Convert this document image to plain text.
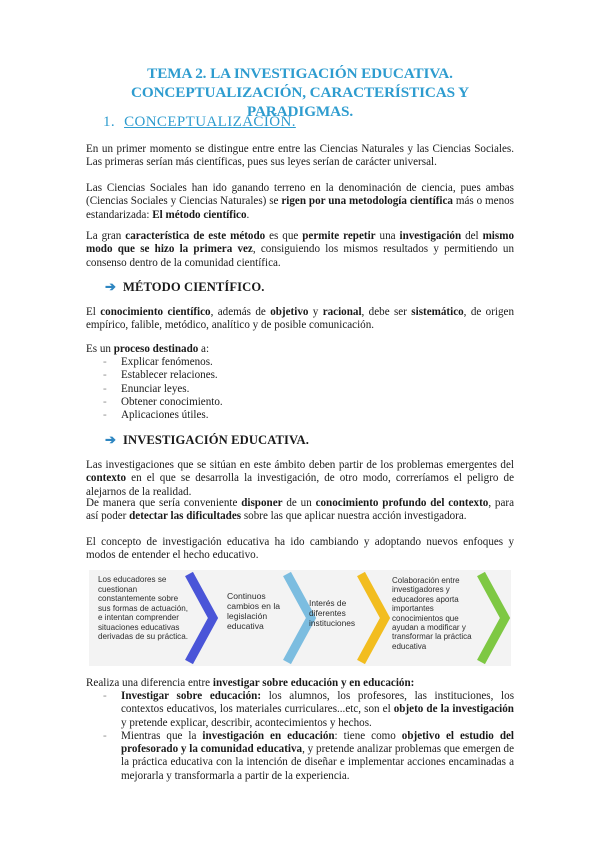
TEMA 2. LA INVESTIGACIÓN EDUCATIVA.
CONCEPTUALIZACIÓN, CARACTERÍSTICAS Y PARADIGMAS.
1. CONCEPTUALIZACIÓN.

En un primer momento se distingue entre entre las Ciencias Naturales y las Ciencias Sociales. Las primeras serían más científicas, pues sus leyes serían de carácter universal.

Las Ciencias Sociales han ido ganando terreno en la denominación de ciencia, pues ambas (Ciencias Sociales y Ciencias Naturales) se rigen por una metodología científica más o menos estandarizada: El método científico.

La gran característica de este método es que permite repetir una investigación del mismo modo que se hizo la primera vez, consiguiendo los mismos resultados y permitiendo un consenso dentro de la comunidad científica.

➔ MÉTODO CIENTÍFICO.

El conocimiento científico, además de objetivo y racional, debe ser sistemático, de origen empírico, falible, metódico, analítico y de posible comunicación.

Es un proceso destinado a:

- Explicar fenómenos.
- Establecer relaciones.
- Enunciar leyes.
- Obtener conocimiento.
- Aplicaciones útiles.
➔ INVESTIGACIÓN EDUCATIVA.

Las investigaciones que se sitúan en este ámbito deben partir de los problemas emergentes del contexto en el que se desarrolla la investigación, de otro modo, correríamos el peligro de alejarnos de la realidad.

De manera que sería conveniente disponer de un conocimiento profundo del contexto, para así poder detectar las dificultades sobre las que aplicar nuestra acción investigadora.

El concepto de investigación educativa ha ido cambiando y adoptando nuevos enfoques y modos de entender el hecho educativo.

Los educadores se cuestionan constantemente sobre sus formas de actuación, e intentan comprender situaciones educativas derivadas de su práctica.
Continuos cambios en la legislación educativa
Interés de diferentes instituciones
Colaboración entre investigadores y educadores aporta importantes conocimientos que ayudan a modificar y transformar la práctica educativa

Realiza una diferencia entre investigar sobre educación y en educación:

- Investigar sobre educación: los alumnos, los profesores, las instituciones, los contextos educativos, los materiales curriculares...etc, son el objeto de la investigación y pretende explicar, describir, acontecimientos y hechos.
- Mientras que la investigación en educación: tiene como objetivo el estudio del profesorado y la comunidad educativa, y pretende analizar problemas que emergen de la práctica educativa con la intención de diseñar e implementar acciones encaminadas a mejorarla y transformarla a partir de la experiencia.
